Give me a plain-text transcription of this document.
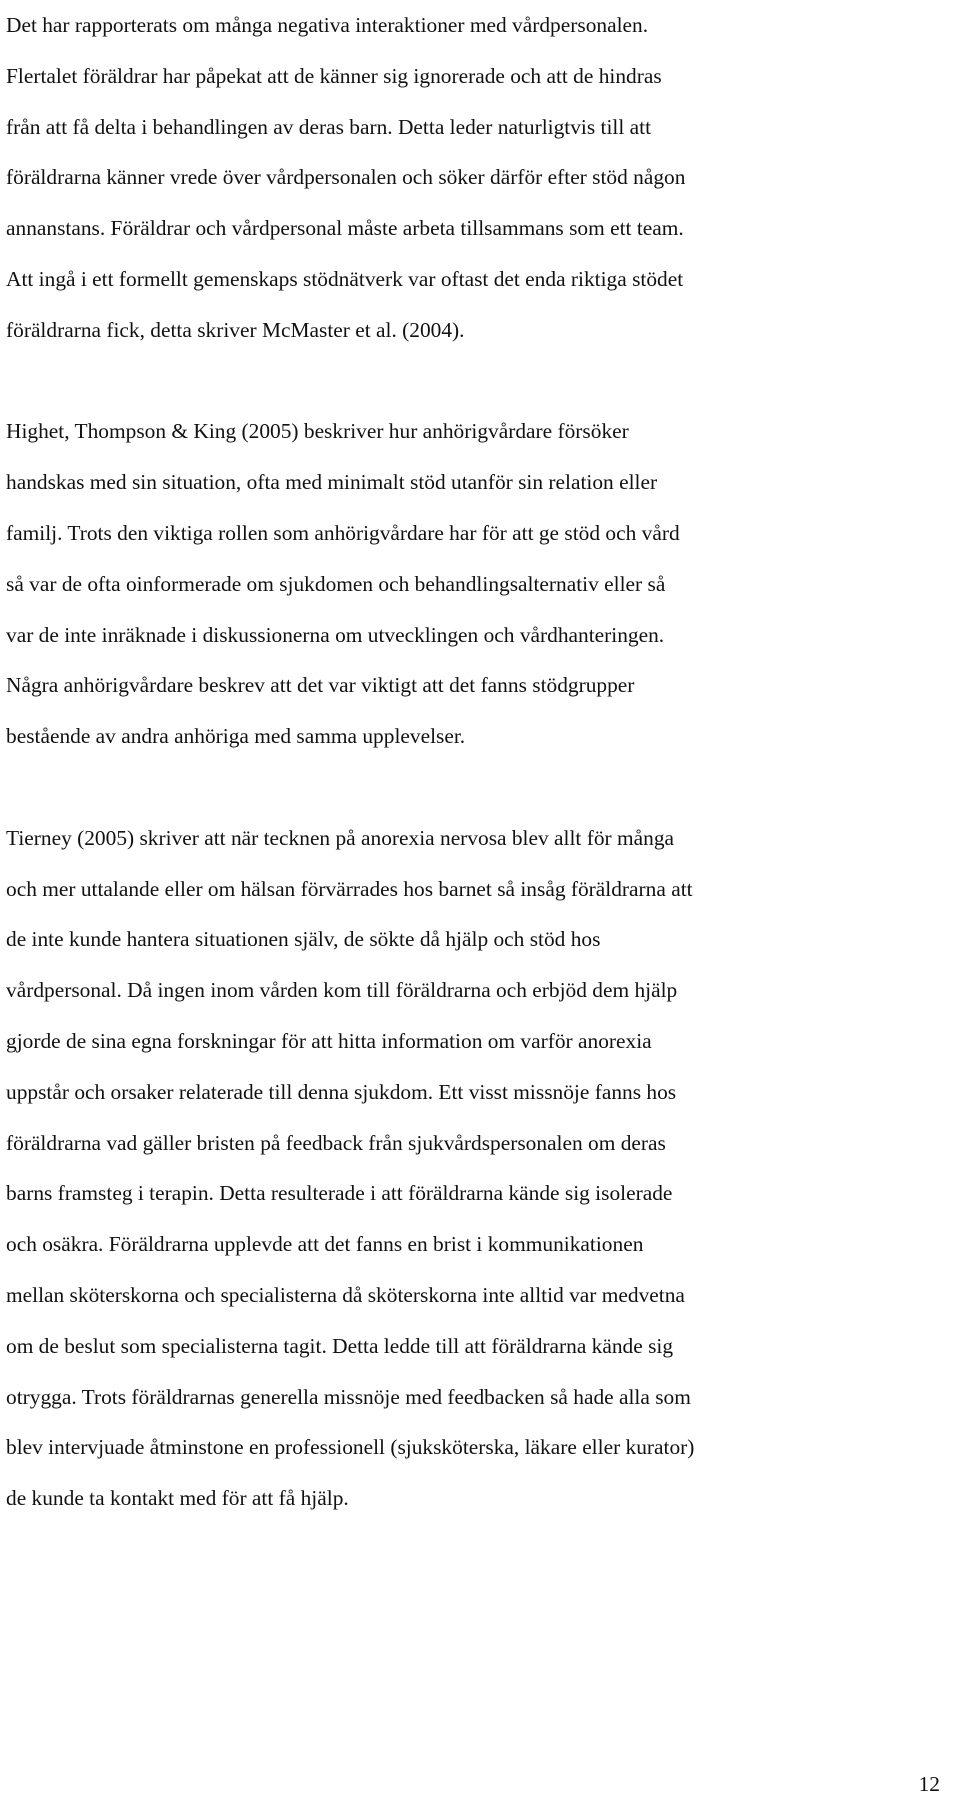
Det har rapporterats om många negativa interaktioner med vårdpersonalen.
Flertalet föräldrar har påpekat att de känner sig ignorerade och att de hindras
från att få delta i behandlingen av deras barn. Detta leder naturligtvis till att
föräldrarna känner vrede över vårdpersonalen och söker därför efter stöd någon
annanstans. Föräldrar och vårdpersonal måste arbeta tillsammans som ett team.
Att ingå i ett formellt gemenskaps stödnätverk var oftast det enda riktiga stödet
föräldrarna fick, detta skriver McMaster et al. (2004).

Highet, Thompson & King (2005) beskriver hur anhörigvårdare försöker
handskas med sin situation, ofta med minimalt stöd utanför sin relation eller
familj. Trots den viktiga rollen som anhörigvårdare har för att ge stöd och vård
så var de ofta oinformerade om sjukdomen och behandlingsalternativ eller så
var de inte inräknade i diskussionerna om utvecklingen och vårdhanteringen.
Några anhörigvårdare beskrev att det var viktigt att det fanns stödgrupper
bestående av andra anhöriga med samma upplevelser.

Tierney (2005) skriver att när tecknen på anorexia nervosa blev allt för många
och mer uttalande eller om hälsan förvärrades hos barnet så insåg föräldrarna att
de inte kunde hantera situationen själv, de sökte då hjälp och stöd hos
vårdpersonal. Då ingen inom vården kom till föräldrarna och erbjöd dem hjälp
gjorde de sina egna forskningar för att hitta information om varför anorexia
uppstår och orsaker relaterade till denna sjukdom. Ett visst missnöje fanns hos
föräldrarna vad gäller bristen på feedback från sjukvårdspersonalen om deras
barns framsteg i terapin. Detta resulterade i att föräldrarna kände sig isolerade
och osäkra. Föräldrarna upplevde att det fanns en brist i kommunikationen
mellan sköterskorna och specialisterna då sköterskorna inte alltid var medvetna
om de beslut som specialisterna tagit. Detta ledde till att föräldrarna kände sig
otrygga. Trots föräldrarnas generella missnöje med feedbacken så hade alla som
blev intervjuade åtminstone en professionell (sjuksköterska, läkare eller kurator)
de kunde ta kontakt med för att få hjälp.

12
